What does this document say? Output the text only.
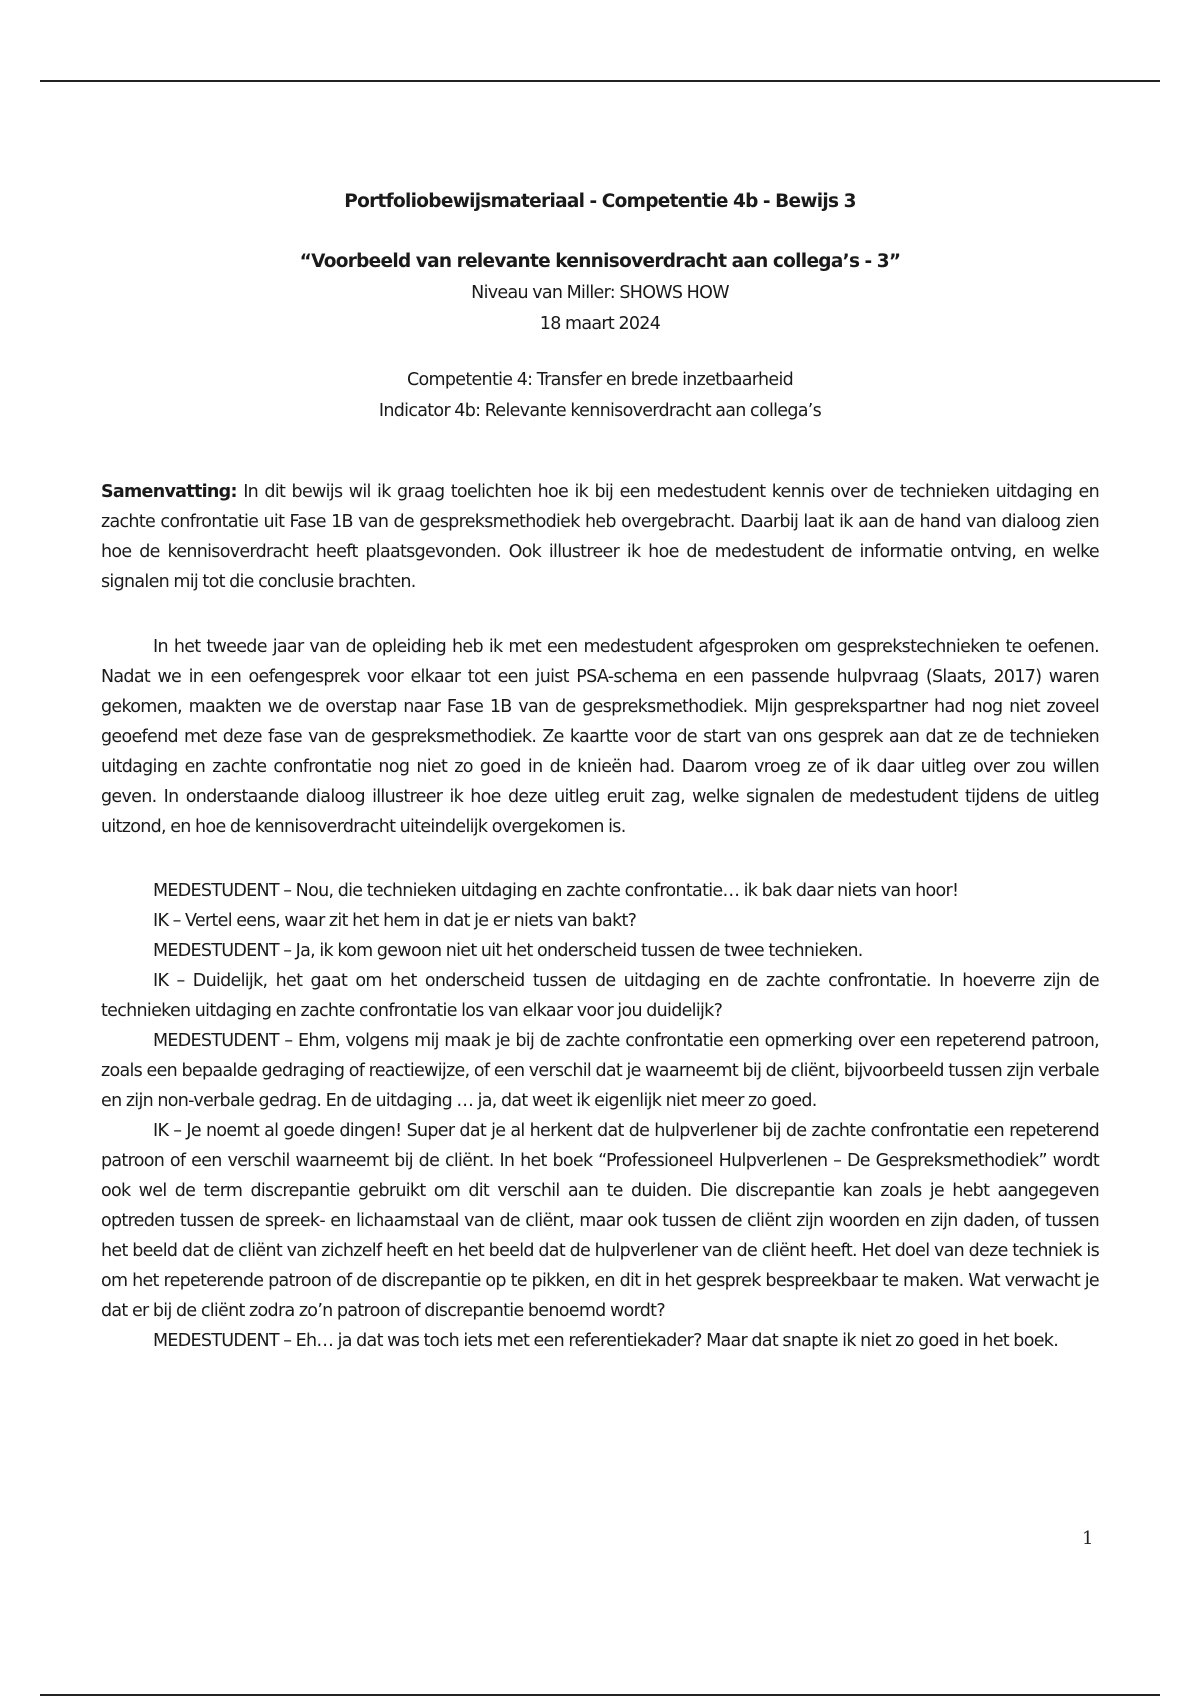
Portfoliobewijsmateriaal - Competentie 4b - Bewijs 3

“Voorbeeld van relevante kennisoverdracht aan collega’s - 3”

Niveau van Miller: SHOWS HOW

18 maart 2024

Competentie 4: Transfer en brede inzetbaarheid

Indicator 4b: Relevante kennisoverdracht aan collega’s

Samenvatting: In dit bewijs wil ik graag toelichten hoe ik bij een medestudent kennis over de technieken uitdaging en zachte confrontatie uit Fase 1B van de gespreksmethodiek heb overgebracht. Daarbij laat ik aan de hand van dialoog zien hoe de kennisoverdracht heeft plaatsgevonden. Ook illustreer ik hoe de medestudent de informatie ontving, en welke signalen mij tot die conclusie brachten.

In het tweede jaar van de opleiding heb ik met een medestudent afgesproken om gesprekstechnieken te oefenen. Nadat we in een oefengesprek voor elkaar tot een juist PSA-schema en een passende hulpvraag (Slaats, 2017) waren gekomen, maakten we de overstap naar Fase 1B van de gespreksmethodiek. Mijn gesprekspartner had nog niet zoveel geoefend met deze fase van de gespreksmethodiek. Ze kaartte voor de start van ons gesprek aan dat ze de technieken uitdaging en zachte confrontatie nog niet zo goed in de knieën had. Daarom vroeg ze of ik daar uitleg over zou willen geven. In onderstaande dialoog illustreer ik hoe deze uitleg eruit zag, welke signalen de medestudent tijdens de uitleg uitzond, en hoe de kennisoverdracht uiteindelijk overgekomen is.

MEDESTUDENT – Nou, die technieken uitdaging en zachte confrontatie… ik bak daar niets van hoor!

IK – Vertel eens, waar zit het hem in dat je er niets van bakt?

MEDESTUDENT – Ja, ik kom gewoon niet uit het onderscheid tussen de twee technieken.

IK – Duidelijk, het gaat om het onderscheid tussen de uitdaging en de zachte confrontatie. In hoeverre zijn de technieken uitdaging en zachte confrontatie los van elkaar voor jou duidelijk?

MEDESTUDENT – Ehm, volgens mij maak je bij de zachte confrontatie een opmerking over een repeterend patroon, zoals een bepaalde gedraging of reactiewijze, of een verschil dat je waarneemt bij de cliënt, bijvoorbeeld tussen zijn verbale en zijn non-verbale gedrag. En de uitdaging … ja, dat weet ik eigenlijk niet meer zo goed.

IK – Je noemt al goede dingen! Super dat je al herkent dat de hulpverlener bij de zachte confrontatie een repeterend patroon of een verschil waarneemt bij de cliënt. In het boek “Professioneel Hulpverlenen – De Gespreksmethodiek” wordt ook wel de term discrepantie gebruikt om dit verschil aan te duiden. Die discrepantie kan zoals je hebt aangegeven optreden tussen de spreek- en lichaamstaal van de cliënt, maar ook tussen de cliënt zijn woorden en zijn daden, of tussen het beeld dat de cliënt van zichzelf heeft en het beeld dat de hulpverlener van de cliënt heeft. Het doel van deze techniek is om het repeterende patroon of de discrepantie op te pikken, en dit in het gesprek bespreekbaar te maken. Wat verwacht je dat er bij de cliënt zodra zo’n patroon of discrepantie benoemd wordt?

MEDESTUDENT – Eh… ja dat was toch iets met een referentiekader? Maar dat snapte ik niet zo goed in het boek.

1
